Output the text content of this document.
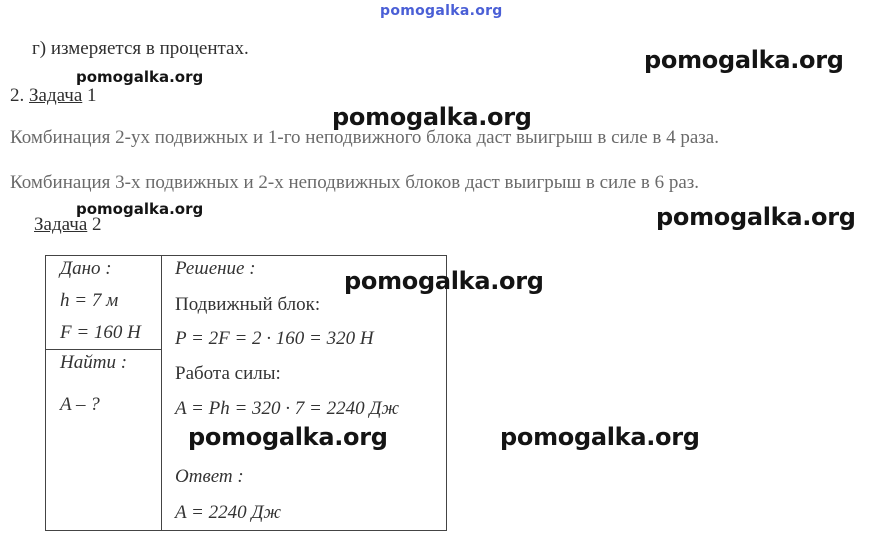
pomogalka.org
г) измеряется в процентах.
2. Задача 1
Комбинация 2-ух подвижных и 1-го неподвижного блока даст выигрыш в силе в 4 раза.
Комбинация 3-х подвижных и 2-х неподвижных блоков даст выигрыш в силе в 6 раз.
Задача 2
Дано :
h = 7 м
F = 160 Н
Найти :
A – ?
Решение :
Подвижный блок:
P = 2F = 2 · 160 = 320 Н
Работа силы:
A = Ph = 320 · 7 = 2240 Дж
Ответ :
A = 2240 Дж
pomogalka.org
pomogalka.org
pomogalka.org
pomogalka.org	pomogalka.org
pomogalka.org
pomogalka.org	pomogalka.org
